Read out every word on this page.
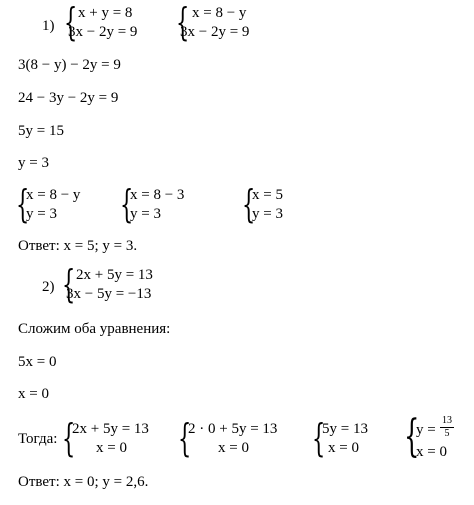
1) { x + y = 8
3x − 2y = 9 { x = 8 − y
3x − 2y = 9
3(8 − y) − 2y = 9
24 − 3y − 2y = 9
5y = 15
y = 3
{
x = 8 − y
y = 3 {
x = 8 − 3
y = 3 {
x = 5
y = 3
Ответ: x = 5; y = 3.
2) { 2x + 5y = 13
3x − 5y = −13
Сложим оба уравнения:
5x = 0
x = 0
Тогда: {
2x + 5y = 13
x = 0 {
2 · 0 + 5y = 13
x = 0 {
5y = 13
x = 0 {
y =
13
5
x = 0
Ответ: x = 0; y = 2,6.
